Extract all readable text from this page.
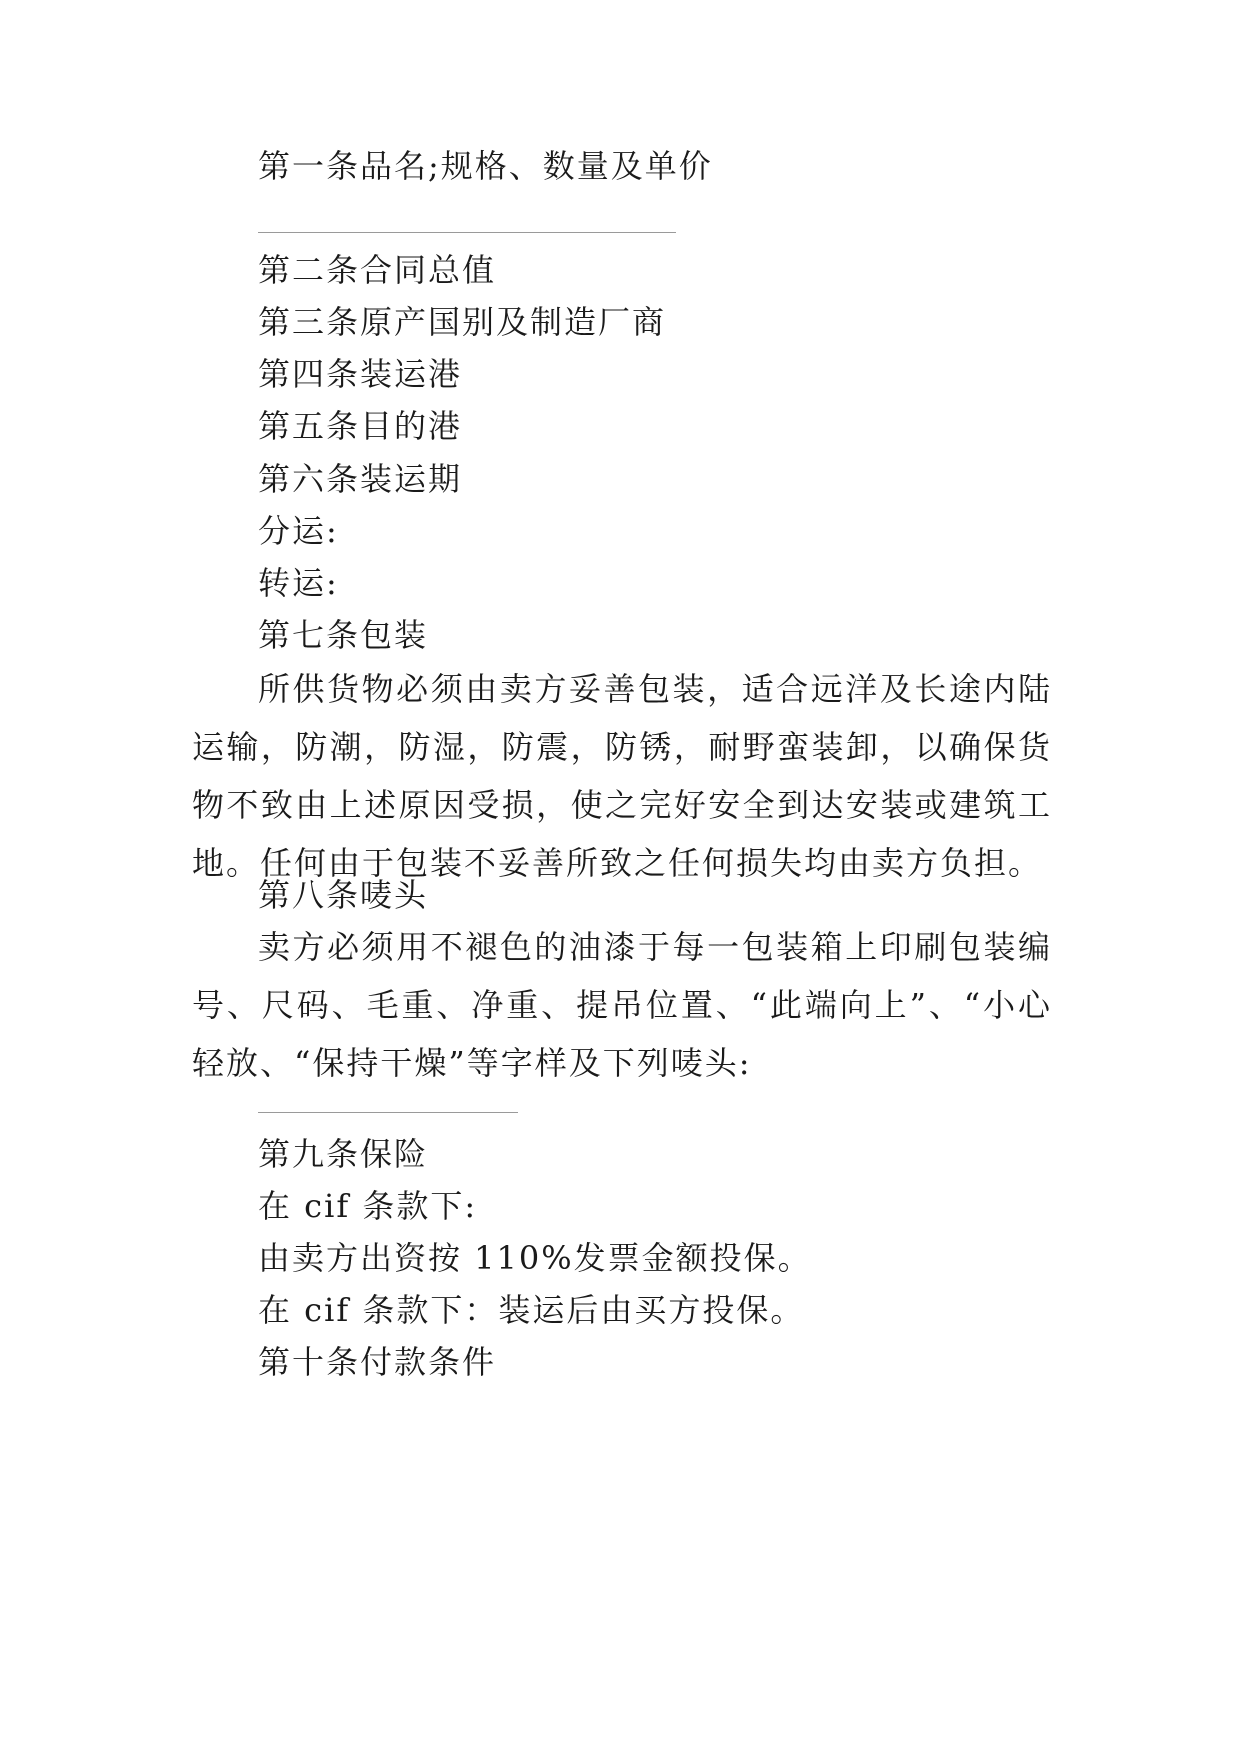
第一条品名;规格、数量及单价
第二条合同总值
第三条原产国别及制造厂商
第四条装运港
第五条目的港
第六条装运期
分运:
转运:
第七条包装
所供货物必须由卖方妥善包装，适合远洋及长途内陆运输，防潮，防湿，防震，防锈，耐野蛮装卸，以确保货物不致由上述原因受损，使之完好安全到达安装或建筑工地。任何由于包装不妥善所致之任何损失均由卖方负担。
第八条唛头
卖方必须用不褪色的油漆于每一包装箱上印刷包装编号、尺码、毛重、净重、提吊位置、“此端向上”、“小心轻放、“保持干燥”等字样及下列唛头:
第九条保险
在 cif 条款下:
由卖方出资按 110%发票金额投保。
在 cif 条款下：装运后由买方投保。
第十条付款条件
